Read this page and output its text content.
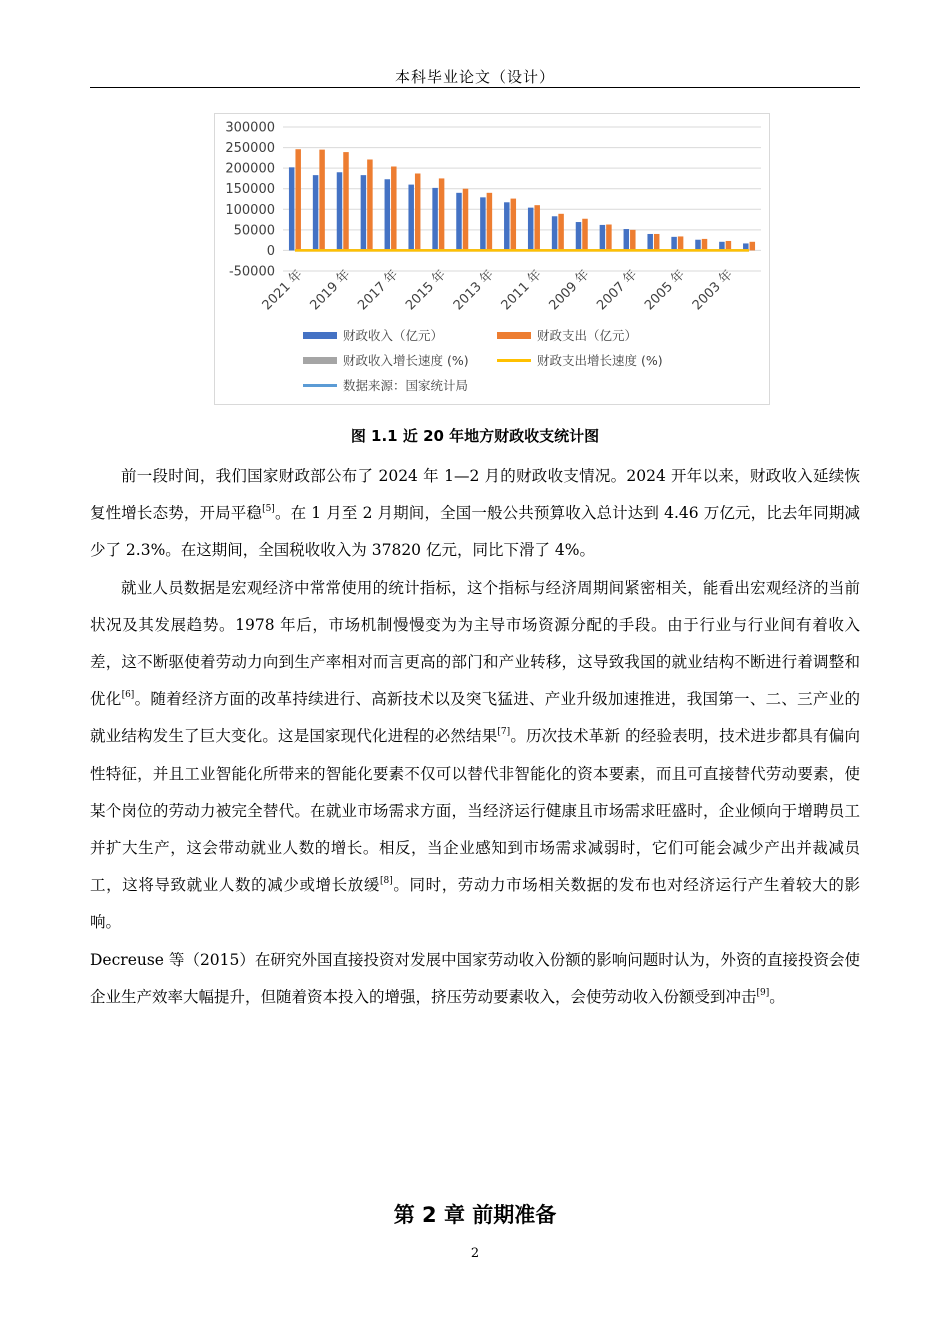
本科毕业论文（设计）
300000
250000
200000
150000
100000
50000
0
-50000
2021 年 2019 年 2017 年 2015 年 2013 年 2011 年 2009 年 2007 年 2005 年 2003 年
财政收入（亿元）	财政支出（亿元）
财政收入增长速度 (%)	财政支出增长速度 (%)
数据来源：国家统计局
图 1.1 近 20 年地方财政收支统计图

前一段时间，我们国家财政部公布了 2024 年 1—2 月的财政收支情况。2024 开年以来，财政收入延续恢复性增长态势，开局平稳[5]。在 1 月至 2 月期间，全国一般公共预算收入总计达到 4.46 万亿元，比去年同期减少了 2.3%。在这期间，全国税收收入为 37820 亿元，同比下滑了 4%。

就业人员数据是宏观经济中常常使用的统计指标，这个指标与经济周期间紧密相关，能看出宏观经济的当前状况及其发展趋势。1978 年后，市场机制慢慢变为为主导市场资源分配的手段。由于行业与行业间有着收入差，这不断驱使着劳动力向到生产率相对而言更高的部门和产业转移，这导致我国的就业结构不断进行着调整和优化[6]。随着经济方面的改革持续进行、高新技术以及突飞猛进、产业升级加速推进，我国第一、二、三产业的就业结构发生了巨大变化。这是国家现代化进程的必然结果[7]。历次技术革新 的经验表明，技术进步都具有偏向性特征，并且工业智能化所带来的智能化要素不仅可以替代非智能化的资本要素，而且可直接替代劳动要素，使某个岗位的劳动力被完全替代。在就业市场需求方面，当经济运行健康且市场需求旺盛时，企业倾向于增聘员工并扩大生产，这会带动就业人数的增长。相反，当企业感知到市场需求减弱时，它们可能会减少产出并裁减员工，这将导致就业人数的减少或增长放缓[8]。同时，劳动力市场相关数据的发布也对经济运行产生着较大的影响。

Decreuse 等（2015）在研究外国直接投资对发展中国家劳动收入份额的影响问题时认为，外资的直接投资会使企业生产效率大幅提升，但随着资本投入的增强，挤压劳动要素收入，会使劳动收入份额受到冲击[9]。

第 2 章 前期准备
2
